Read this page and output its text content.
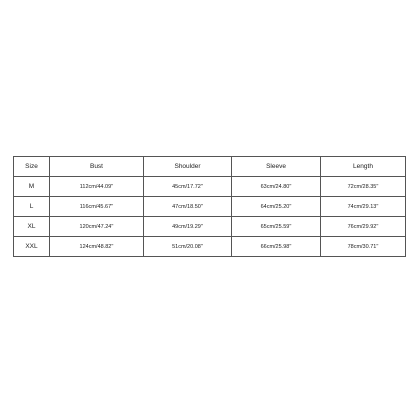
Size	Bust	Shoulder	Sleeve	Length
M	112cm/44.09''	45cm/17.72''	63cm/24.80''	72cm/28.35''
L	116cm/45.67''	47cm/18.50''	64cm/25.20''	74cm/29.13''
XL	120cm/47.24''	49cm/19.29''	65cm/25.59''	76cm/29.92''
XXL	124cm/48.82''	51cm/20.08''	66cm/25.98''	78cm/30.71''
